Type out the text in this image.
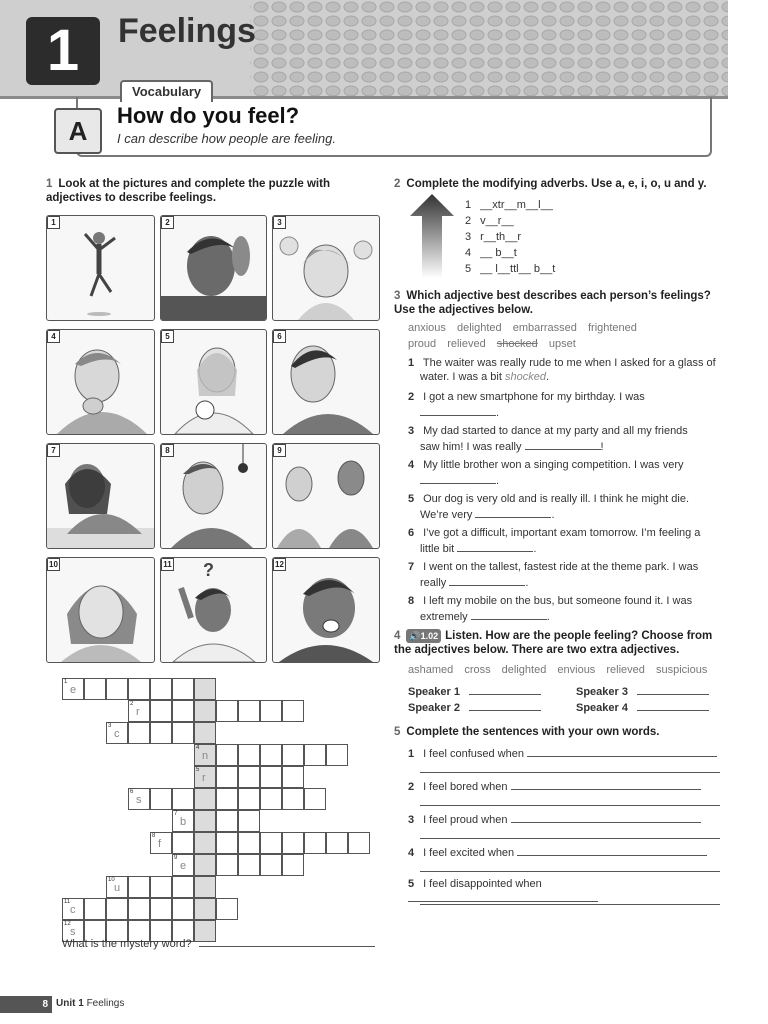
1	Feelings
Vocabulary
A
How do you feel?
I can describe how people are feeling.
1 Look at the pictures and complete the puzzle with adjectives to describe feelings.
1	2	3
4	5	6
7	8	9
10	11 ?	12
1
e
2
r
3
c
4
n
5
r
6
s
7
b
8
f
9
e
10
u
11
c
12
s
What is the mystery word?
2 Complete the modifying adverbs. Use a, e, i, o, u and y.
1 __xtr__m__l__
2 v__r__
3 r__th__r
4 __ b__t
5 __ l__ttl__ b__t
3 Which adjective best describes each person’s feelings? Use the adjectives below.
anxious delighted embarrassed frightened
proud relieved shocked upset
1 The waiter was really rude to me when I asked for a glass of
water. I was a bit shocked.
2 I got a new smartphone for my birthday. I was
.
3 My dad started to dance at my party and all my friends
saw him! I was really	!
4 My little brother won a singing competition. I was very
.
5 Our dog is very old and is really ill. I think he might die.
We’re very	.
6 I’ve got a difficult, important exam tomorrow. I’m feeling a
little bit	.
7 I went on the tallest, fastest ride at the theme park. I was
really	.
8 I left my mobile on the bus, but someone found it. I was
extremely	.
4 🔊1.02 Listen. How are the people feeling? Choose from the adjectives below. There are two extra adjectives.
ashamed cross delighted envious relieved suspicious
Speaker 1	Speaker 3
Speaker 2	Speaker 4
5 Complete the sentences with your own words.
1 I feel confused when
2 I feel bored when
3 I feel proud when
4 I feel excited when
5 I feel disappointed when
8 Unit 1 Feelings
